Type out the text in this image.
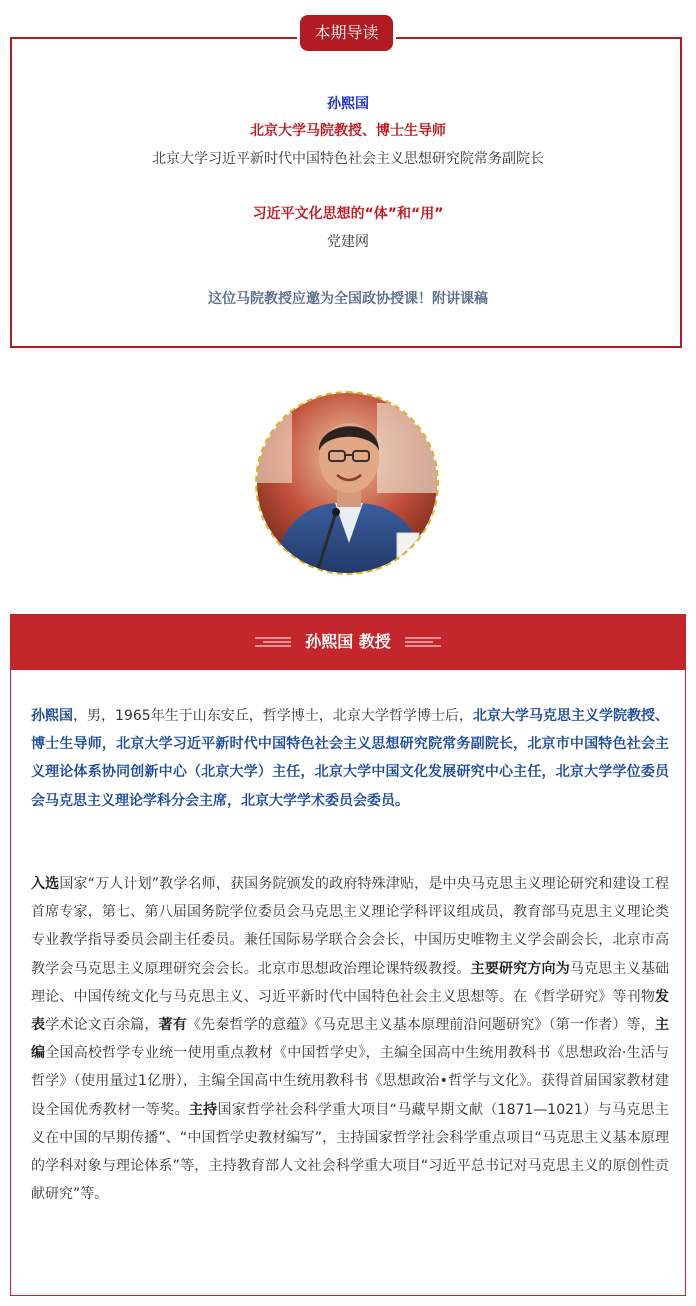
本期导读
孙熙国
北京大学马院教授、博士生导师
北京大学习近平新时代中国特色社会主义思想研究院常务副院长
习近平文化思想的“体”和“用”
党建网
这位马院教授应邀为全国政协授课！附讲课稿
孙熙国 教授

孙熙国，男，1965年生于山东安丘，哲学博士，北京大学哲学博士后，北京大学马克思主义学院教授、博士生导师，北京大学习近平新时代中国特色社会主义思想研究院常务副院长，北京市中国特色社会主义理论体系协同创新中心（北京大学）主任，北京大学中国文化发展研究中心主任，北京大学学位委员会马克思主义理论学科分会主席，北京大学学术委员会委员。

入选国家“万人计划”教学名师，获国务院颁发的政府特殊津贴，是中央马克思主义理论研究和建设工程首席专家，第七、第八届国务院学位委员会马克思主义理论学科评议组成员，教育部马克思主义理论类专业教学指导委员会副主任委员。兼任国际易学联合会会长，中国历史唯物主义学会副会长，北京市高教学会马克思主义原理研究会会长。北京市思想政治理论课特级教授。主要研究方向为马克思主义基础理论、中国传统文化与马克思主义、习近平新时代中国特色社会主义思想等。在《哲学研究》等刊物发表学术论文百余篇，著有《先秦哲学的意蕴》《马克思主义基本原理前沿问题研究》（第一作者）等，主编全国高校哲学专业统一使用重点教材《中国哲学史》，主编全国高中生统用教科书《思想政治·生活与哲学》（使用量过1亿册），主编全国高中生统用教科书《思想政治•哲学与文化》。获得首届国家教材建设全国优秀教材一等奖。主持国家哲学社会科学重大项目“马藏早期文献（1871—1021）与马克思主义在中国的早期传播”、“中国哲学史教材编写”，主持国家哲学社会科学重点项目“马克思主义基本原理的学科对象与理论体系”等，主持教育部人文社会科学重大项目“习近平总书记对马克思主义的原创性贡献研究”等。
